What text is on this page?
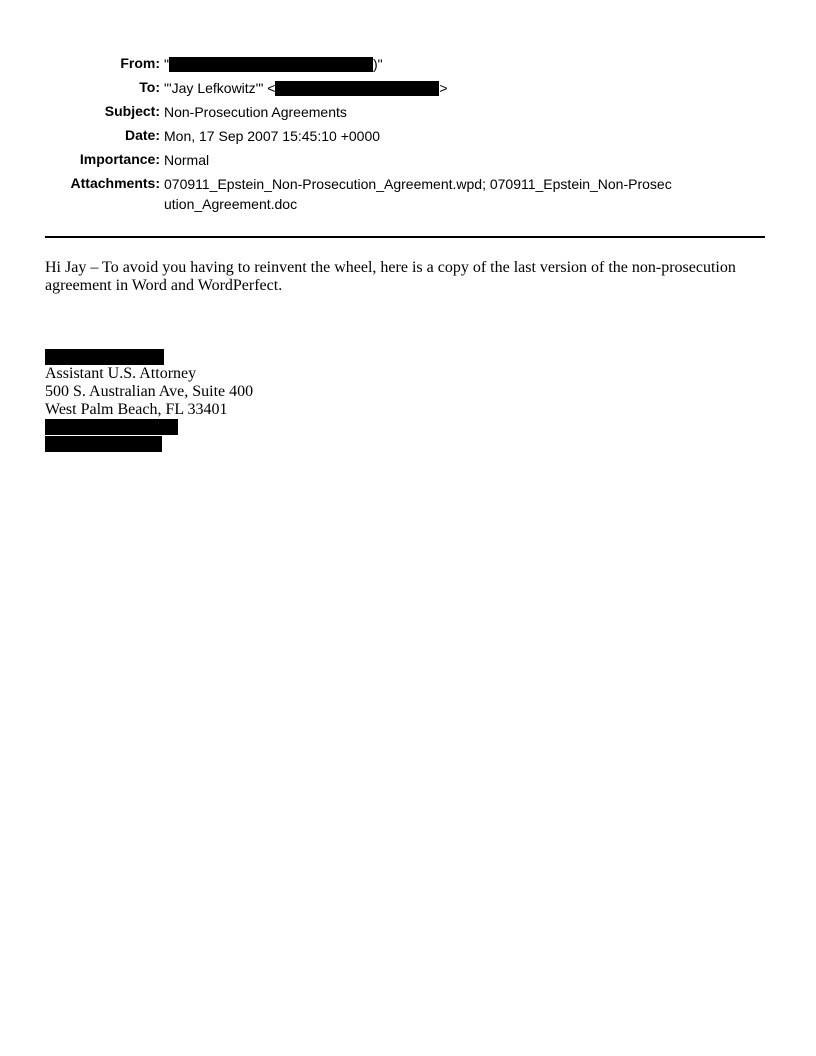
From: "	)"
To: "'Jay Lefkowitz'" <	>
Subject: Non-Prosecution Agreements
Date: Mon, 17 Sep 2007 15:45:10 +0000
Importance: Normal
Attachments: 070911_Epstein_Non-Prosecution_Agreement.wpd; 070911_Epstein_Non-Prosecution_Agreement.doc
Hi Jay – To avoid you having to reinvent the wheel, here is a copy of the last version of the non-prosecution agreement in Word and WordPerfect.
Assistant U.S. Attorney
500 S. Australian Ave, Suite 400
West Palm Beach, FL 33401
